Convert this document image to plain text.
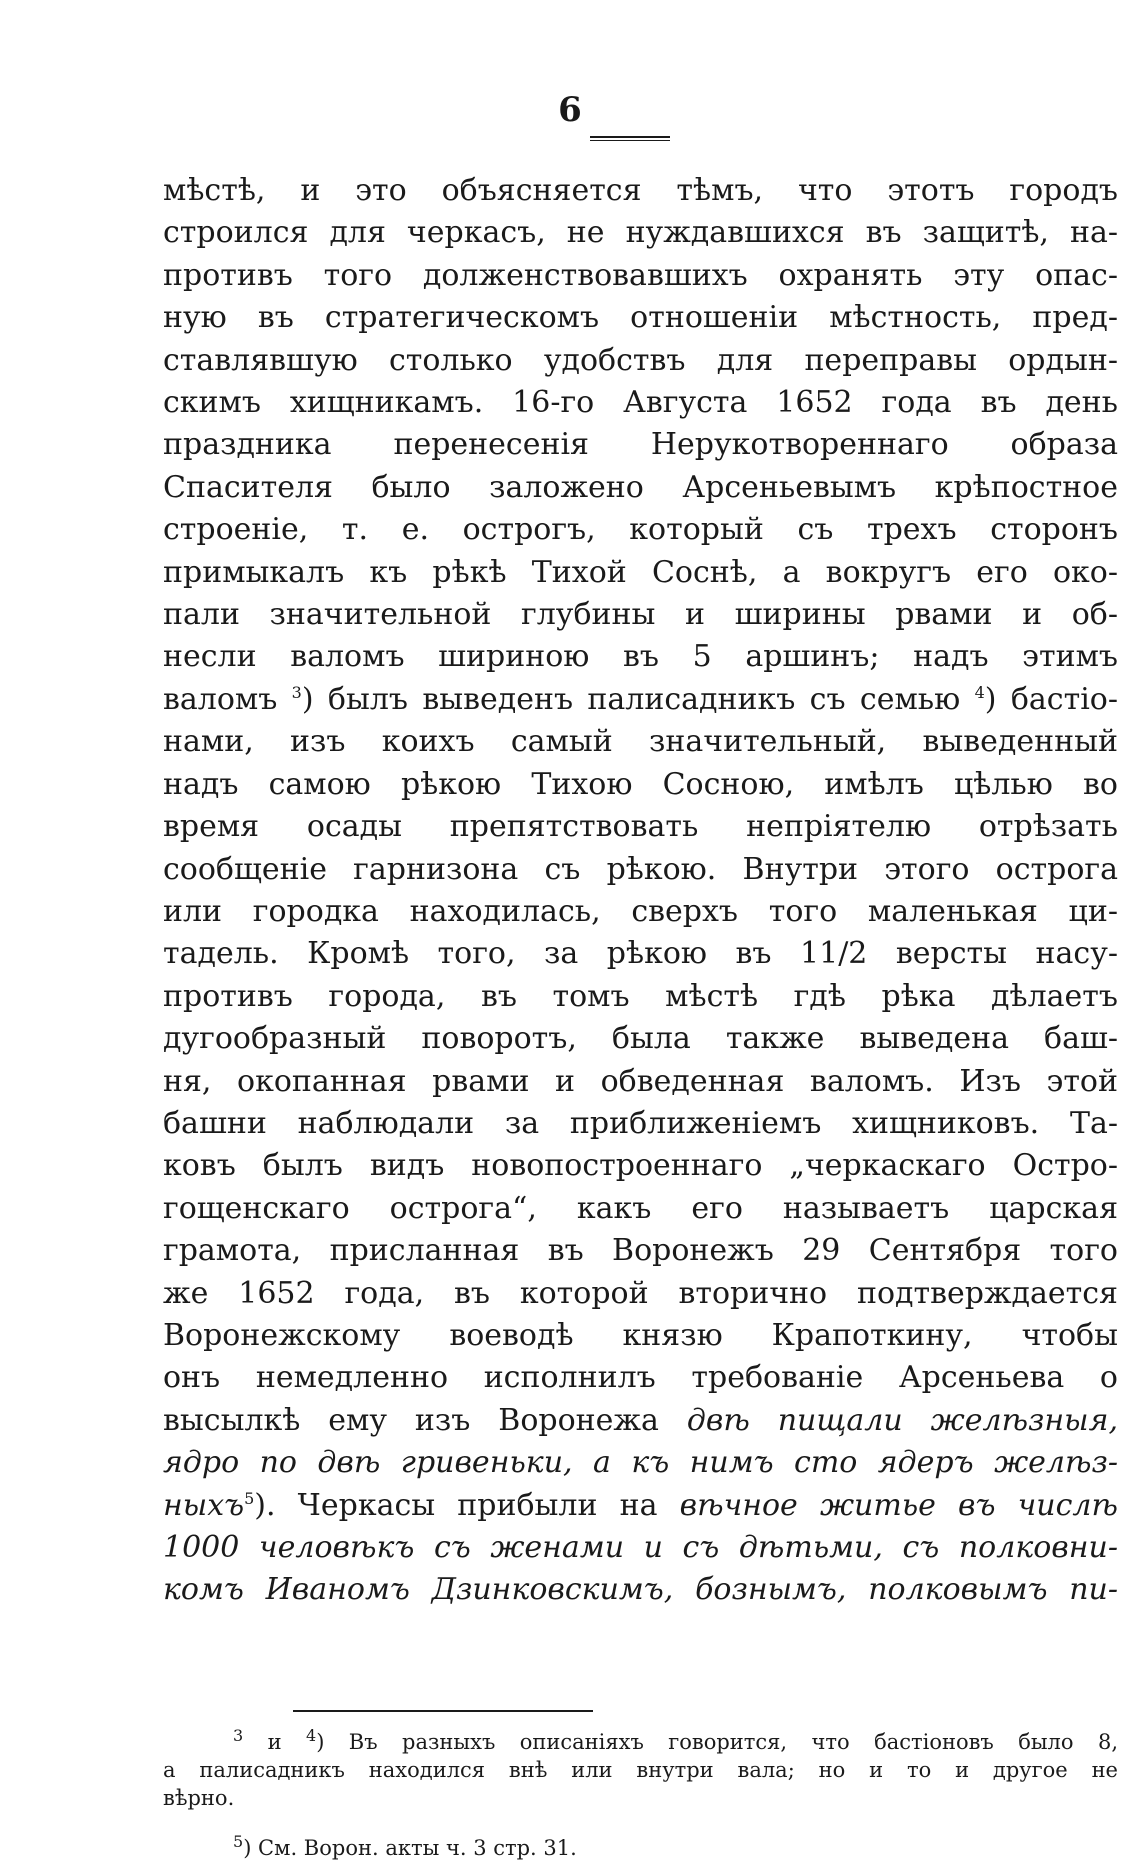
6
мѣстѣ, и это объясняется тѣмъ, что этотъ городъ
строился для черкасъ, не нуждавшихся въ защитѣ, на-
противъ того долженствовавшихъ охранять эту опас-
ную въ стратегическомъ отношенiи мѣстность, пред-
ставлявшую столько удобствъ для переправы ордын-
скимъ хищникамъ. 16-го Августа 1652 года въ день
праздника перенесенiя Нерукотвореннаго образа
Спасителя было заложено Арсеньевымъ крѣпостное
строенiе, т. е. острогъ, который съ трехъ сторонъ
примыкалъ къ рѣкѣ Тихой Соснѣ, а вокругъ его око-
пали значительной глубины и ширины рвами и об-
несли валомъ шириною въ 5 аршинъ; надъ этимъ
валомъ $^3$) былъ выведенъ палисадникъ съ семью $^4$) бастiо-
нами, изъ коихъ самый значительный, выведенный
надъ самою рѣкою Тихою Сосною, имѣлъ цѣлью во
время осады препятствовать непрiятелю отрѣзать
сообщенiе гарнизона съ рѣкою. Внутри этого острога
или городка находилась, сверхъ того маленькая ци-
тадель. Кромѣ того, за рѣкою въ 11/2 версты насу-
противъ города, въ томъ мѣстѣ гдѣ рѣка дѣлаетъ
дугообразный поворотъ, была также выведена баш-
ня, окопанная рвами и обведенная валомъ. Изъ этой
башни наблюдали за приближенiемъ хищниковъ. Та-
ковъ былъ видъ новопостроеннаго „черкаскаго Остро-
гощенскаго острога“, какъ его называетъ царская
грамота, присланная въ Воронежъ 29 Сентября того
же 1652 года, въ которой вторично подтверждается
Воронежскому воеводѣ князю Крапоткину, чтобы
онъ немедленно исполнилъ требованiе Арсеньева о
высылкѣ ему изъ Воронежа двѣ пищали желѣзныя,
ядро по двѣ гривеньки, а къ нимъ сто ядеръ желѣз-
ныхъ$^5$). Черкасы прибыли на вѣчное житье въ числѣ
1000 человѣкъ съ женами и съ дѣтьми, съ полковни-
комъ Иваномъ Дзинковскимъ, бознымъ, полковымъ пи-
$^3$ и $^4$) Въ разныхъ описанiяхъ говорится, что бастiоновъ было 8,
а палисадникъ находился внѣ или внутри вала; но и то и другое не
вѣрно.
$^5$) См. Ворон. акты ч. 3 стр. 31.
